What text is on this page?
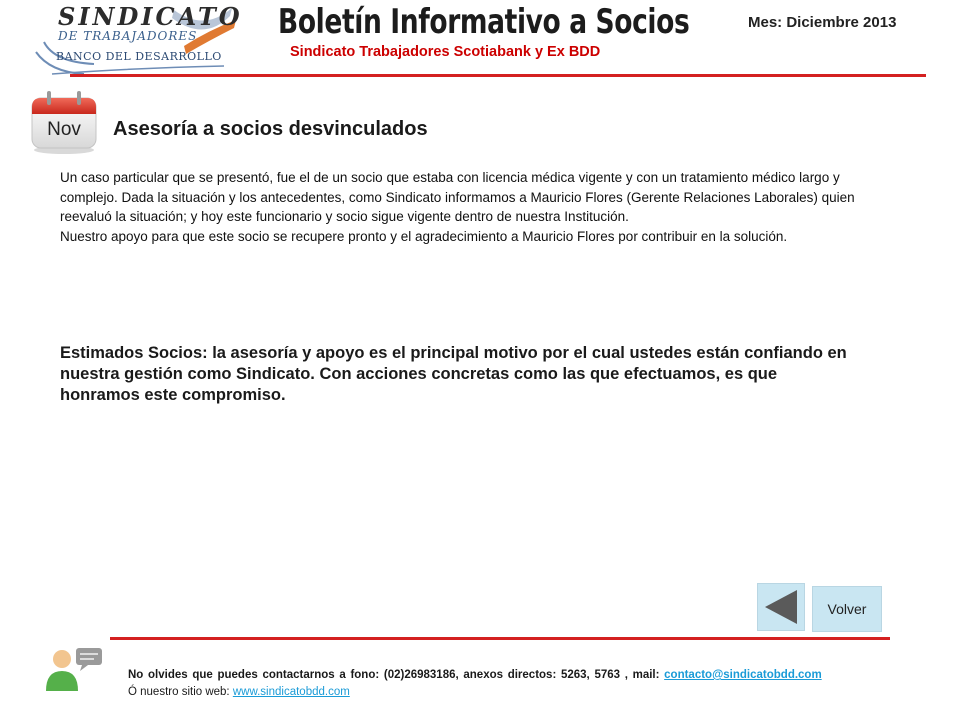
SINDICATO
DE TRABAJADORES
BANCO DEL DESARROLLO
Boletín Informativo a Socios
Sindicato Trabajadores Scotiabank y Ex BDD
Mes: Diciembre 2013
Nov	Asesoría a socios desvinculados

Un caso particular que se presentó, fue el de un socio que estaba con licencia médica vigente y con un tratamiento médico largo y complejo. Dada la situación y los antecedentes, como Sindicato informamos a Mauricio Flores (Gerente Relaciones Laborales) quien reevaluó la situación; y hoy este funcionario y socio sigue vigente dentro de nuestra Institución.

Nuestro apoyo para que este socio se recupere pronto y el agradecimiento a Mauricio Flores por contribuir en la solución.

Estimados Socios: la asesoría y apoyo es el principal motivo por el cual ustedes están confiando en nuestra gestión como Sindicato. Con acciones concretas como las que efectuamos, es que honramos este compromiso.
Volver
No olvides que puedes contactarnos a fono: (02)26983186, anexos directos: 5263, 5763 , mail: contacto@sindicatobdd.com
Ó nuestro sitio web: www.sindicatobdd.com
